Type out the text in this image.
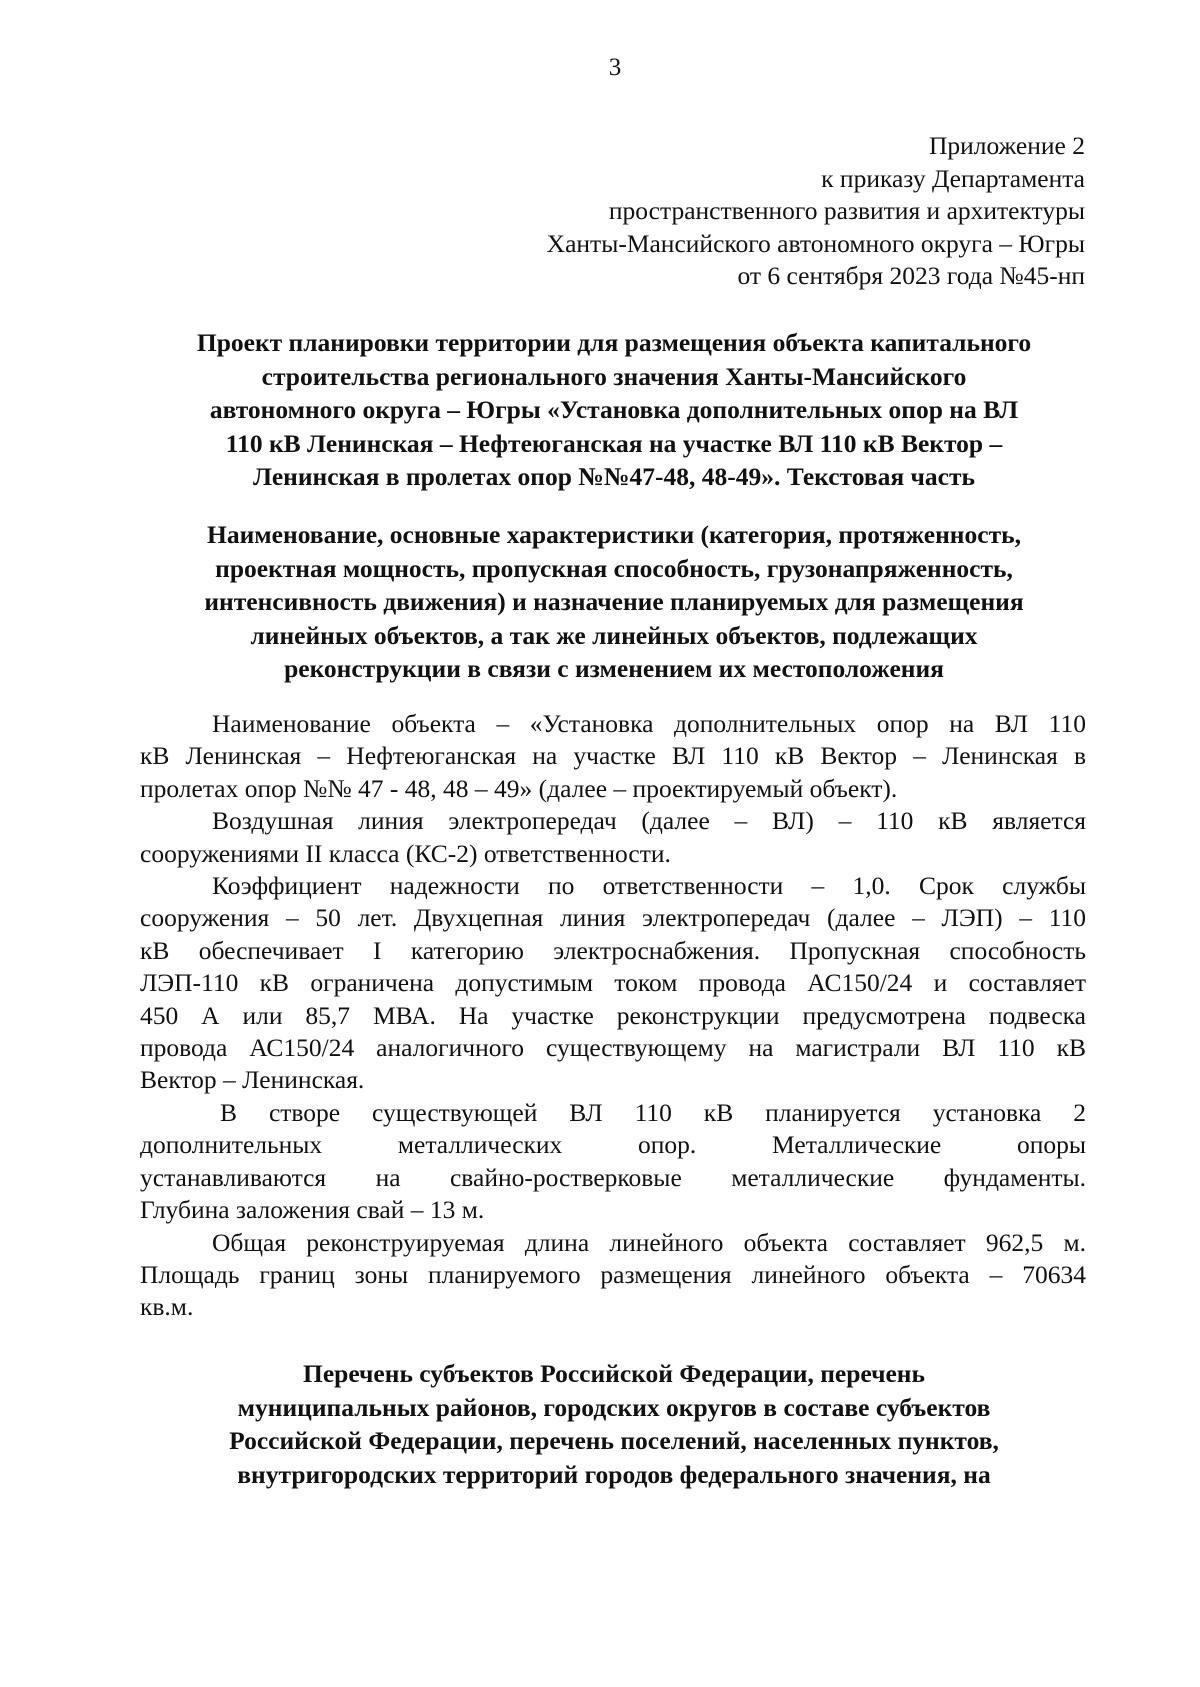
3
Приложение 2
к приказу Департамента
пространственного развития и архитектуры
Ханты-Мансийского автономного округа – Югры
от 6 сентября 2023 года №45-нп
Проект планировки территории для размещения объекта капитального
строительства регионального значения Ханты-Мансийского
автономного округа – Югры «Установка дополнительных опор на ВЛ
110 кВ Ленинская – Нефтеюганская на участке ВЛ 110 кВ Вектор –
Ленинская в пролетах опор №№47-48, 48-49». Текстовая часть
Наименование, основные характеристики (категория, протяженность,
проектная мощность, пропускная способность, грузонапряженность,
интенсивность движения) и назначение планируемых для размещения
линейных объектов, а так же линейных объектов, подлежащих
реконструкции в связи с изменением их местоположения
Наименование объекта – «Установка дополнительных опор на ВЛ 110
кВ Ленинская – Нефтеюганская на участке ВЛ 110 кВ Вектор – Ленинская в
пролетах опор №№ 47 - 48, 48 – 49» (далее – проектируемый объект).
Воздушная линия электропередач (далее – ВЛ) – 110 кВ является
сооружениями II класса (КС-2) ответственности.
Коэффициент надежности по ответственности – 1,0. Срок службы
сооружения – 50 лет. Двухцепная линия электропередач (далее – ЛЭП) – 110
кВ обеспечивает I категорию электроснабжения. Пропускная способность
ЛЭП-110 кВ ограничена допустимым током провода АС150/24 и составляет
450 А или 85,7 МВА. На участке реконструкции предусмотрена подвеска
провода АС150/24 аналогичного существующему на магистрали ВЛ 110 кВ
Вектор – Ленинская.
В створе существующей ВЛ 110 кВ планируется установка 2
дополнительных металлических опор. Металлические опоры
устанавливаются на свайно-ростверковые металлические фундаменты.
Глубина заложения свай – 13 м.
Общая реконструируемая длина линейного объекта составляет 962,5 м.
Площадь границ зоны планируемого размещения линейного объекта – 70634
кв.м.
Перечень субъектов Российской Федерации, перечень
муниципальных районов, городских округов в составе субъектов
Российской Федерации, перечень поселений, населенных пунктов,
внутригородских территорий городов федерального значения, на
